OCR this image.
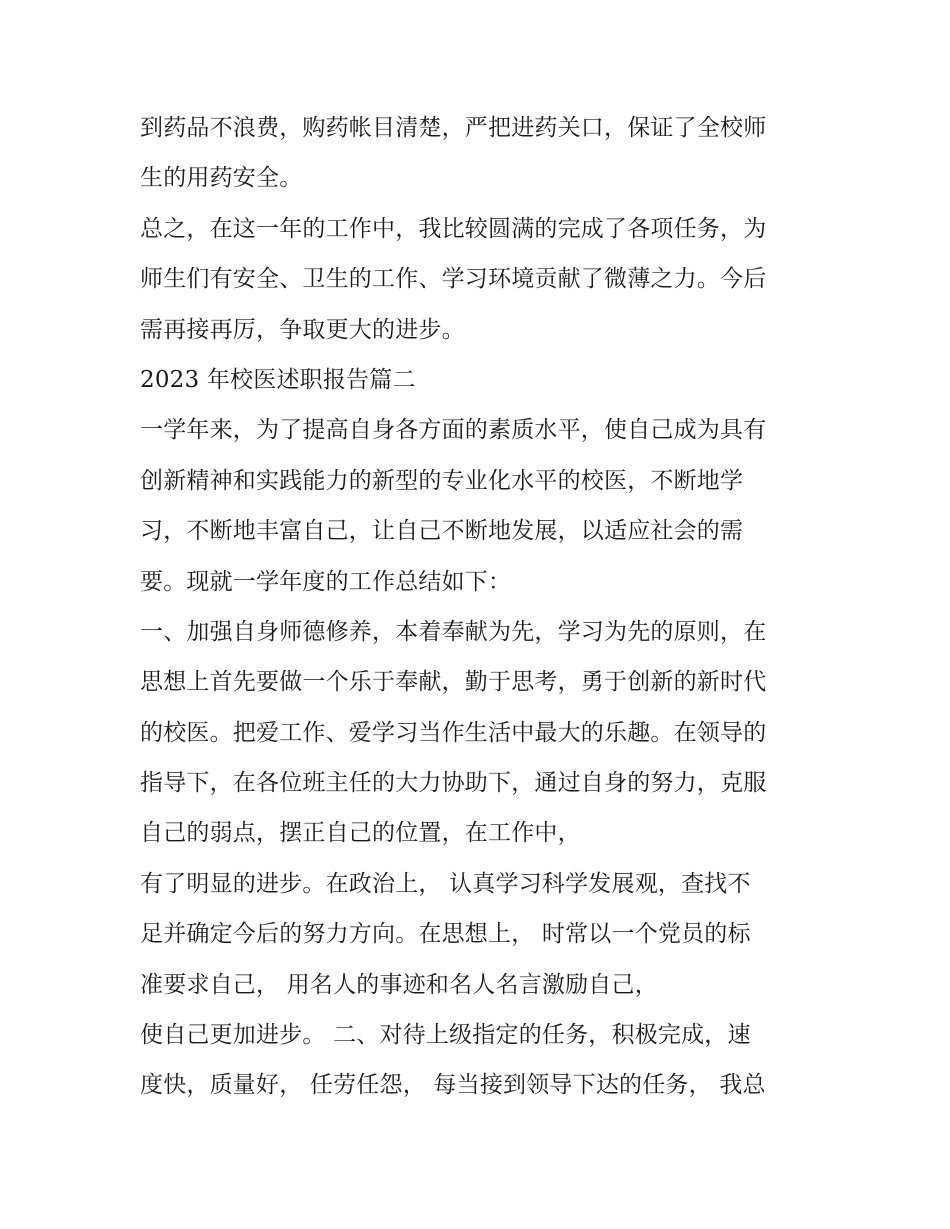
到药品不浪费，购药帐目清楚，严把进药关口，保证了全校师
生的用药安全。
总之，在这一年的工作中，我比较圆满的完成了各项任务，为
师生们有安全、卫生的工作、学习环境贡献了微薄之力。今后
需再接再厉，争取更大的进步。
2023 年校医述职报告篇二
一学年来，为了提高自身各方面的素质水平，使自己成为具有
创新精神和实践能力的新型的专业化水平的校医，不断地学
习，不断地丰富自己，让自己不断地发展，以适应社会的需
要。现就一学年度的工作总结如下：
一、加强自身师德修养，本着奉献为先，学习为先的原则，在
思想上首先要做一个乐于奉献，勤于思考，勇于创新的新时代
的校医。把爱工作、爱学习当作生活中最大的乐趣。在领导的
指导下，在各位班主任的大力协助下，通过自身的努力，克服
自己的弱点，摆正自己的位置，在工作中，
有了明显的进步。在政治上， 认真学习科学发展观，查找不
足并确定今后的努力方向。在思想上， 时常以一个党员的标
准要求自己， 用名人的事迹和名人名言激励自己，
使自己更加进步。 二、对待上级指定的任务，积极完成，速
度快，质量好， 任劳任怨， 每当接到领导下达的任务， 我总
